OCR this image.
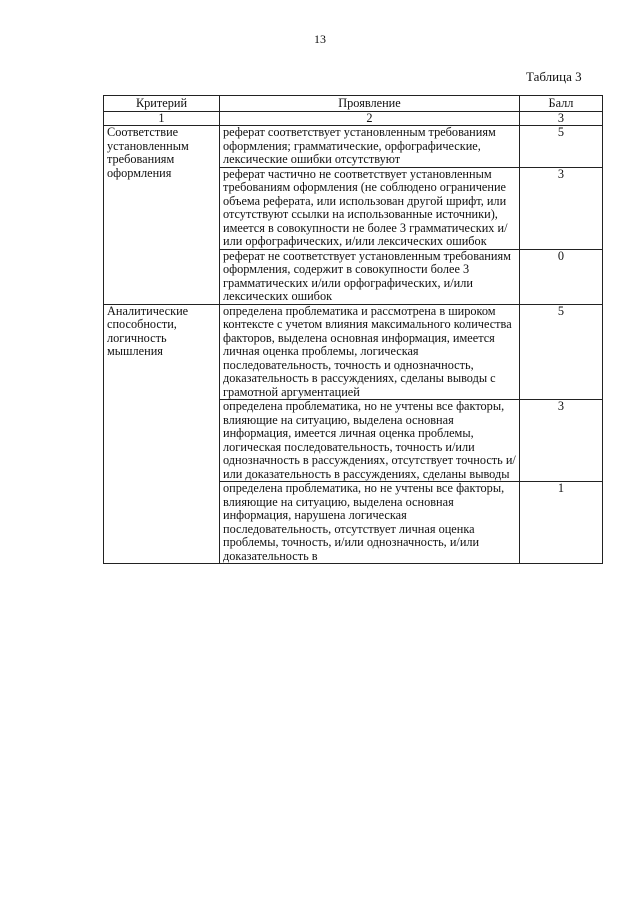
13
Таблица 3
Критерий	Проявление	Балл
1	2	3
Соответствие установленным требованиям оформления	реферат соответствует установленным требованиям оформления; грамматические, орфографические, лексические ошибки отсутствуют	5
	реферат частично не соответствует установленным требованиям оформления (не соблюдено ограничение объема реферата, или использован другой шрифт, или отсутствуют ссылки на использованные источники), имеется в совокупности не более 3 грамматических и/или орфографических, и/или лексических ошибок	3
	реферат не соответствует установленным требованиям оформления, содержит в совокупности более 3 грамматических и/или орфографических, и/или лексических ошибок	0
Аналитические способности, логичность мышления	определена проблематика и рассмотрена в широком контексте с учетом влияния максимального количества факторов, выделена основная информация, имеется личная оценка проблемы, логическая последовательность, точность и однозначность, доказательность в рассуждениях, сделаны выводы с грамотной аргументацией	5
	определена проблематика, но не учтены все факторы, влияющие на ситуацию, выделена основная информация, имеется личная оценка проблемы, логическая последовательность, точность и/или однозначность в рассуждениях, отсутствует точность и/или доказательность в рассуждениях, сделаны выводы	3
	определена проблематика, но не учтены все факторы, влияющие на ситуацию, выделена основная информация, нарушена логическая последовательность, отсутствует личная оценка проблемы, точность, и/или однозначность, и/или доказательность в	1
